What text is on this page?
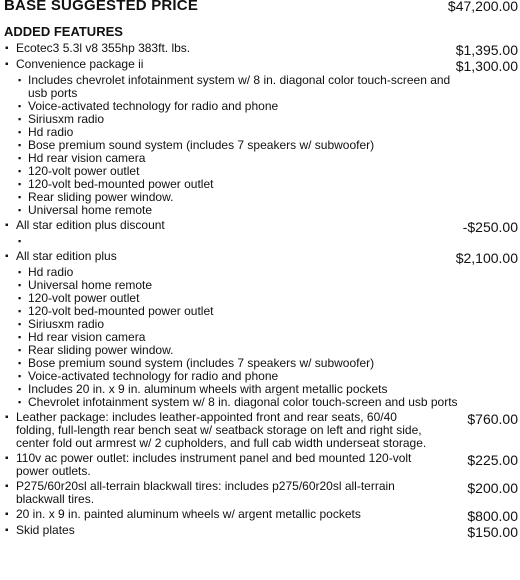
BASE SUGGESTED PRICE	$47,200.00
ADDED FEATURES
▪ Ecotec3 5.3l v8 355hp 383ft. lbs.	$1,395.00
▪ Convenience package ii	$1,300.00
▪ Includes chevrolet infotainment system w/ 8 in. diagonal color touch-screen and usb ports
▪ Voice-activated technology for radio and phone
▪ Siriusxm radio
▪ Hd radio
▪ Bose premium sound system (includes 7 speakers w/ subwoofer)
▪ Hd rear vision camera
▪ 120-volt power outlet
▪ 120-volt bed-mounted power outlet
▪ Rear sliding power window.
▪ Universal home remote
▪ All star edition plus discount	-$250.00
▪
▪ All star edition plus	$2,100.00
▪ Hd radio
▪ Universal home remote
▪ 120-volt power outlet
▪ 120-volt bed-mounted power outlet
▪ Siriusxm radio
▪ Hd rear vision camera
▪ Rear sliding power window.
▪ Bose premium sound system (includes 7 speakers w/ subwoofer)
▪ Voice-activated technology for radio and phone
▪ Includes 20 in. x 9 in. aluminum wheels with argent metallic pockets
▪ Chevrolet infotainment system w/ 8 in. diagonal color touch-screen and usb ports
▪ Leather package: includes leather-appointed front and rear seats, 60/40 folding, full-length rear bench seat w/ seatback storage on left and right side, center fold out armrest w/ 2 cupholders, and full cab width underseat storage.
$760.00
▪ 110v ac power outlet: includes instrument panel and bed mounted 120-volt power outlets.
$225.00
▪ P275/60r20sl all-terrain blackwall tires: includes p275/60r20sl all-terrain blackwall tires.
$200.00
▪ 20 in. x 9 in. painted aluminum wheels w/ argent metallic pockets	$800.00
▪ Skid plates	$150.00
